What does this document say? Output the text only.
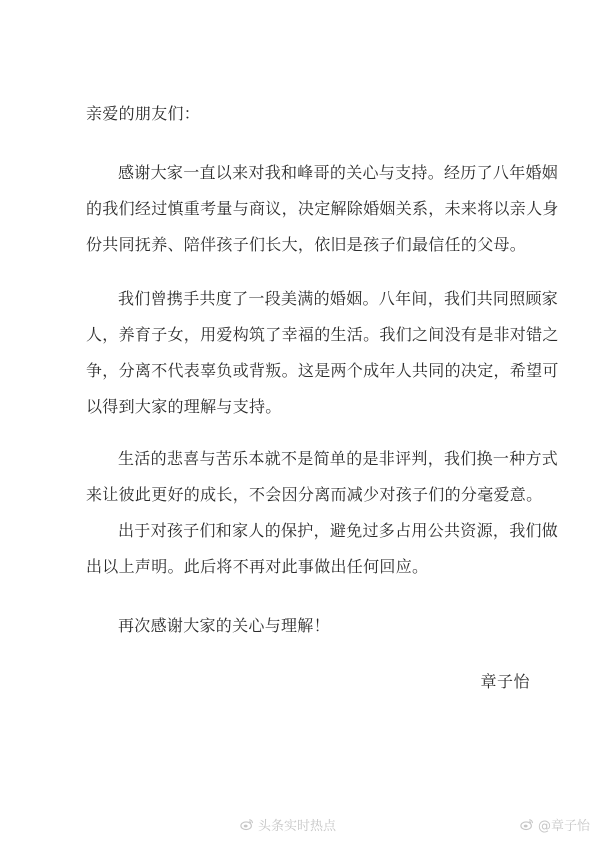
亲爱的朋友们：

感谢大家一直以来对我和峰哥的关心与支持。经历了八年婚姻
的我们经过慎重考量与商议，决定解除婚姻关系，未来将以亲人身
份共同抚养、陪伴孩子们长大，依旧是孩子们最信任的父母。

我们曾携手共度了一段美满的婚姻。八年间，我们共同照顾家
人，养育子女，用爱构筑了幸福的生活。我们之间没有是非对错之
争，分离不代表辜负或背叛。这是两个成年人共同的决定，希望可
以得到大家的理解与支持。

生活的悲喜与苦乐本就不是简单的是非评判，我们换一种方式
来让彼此更好的成长，不会因分离而减少对孩子们的分毫爱意。

出于对孩子们和家人的保护，避免过多占用公共资源，我们做
出以上声明。此后将不再对此事做出任何回应。

再次感谢大家的关心与理解！

章子怡
头条实时热点	@章子怡
